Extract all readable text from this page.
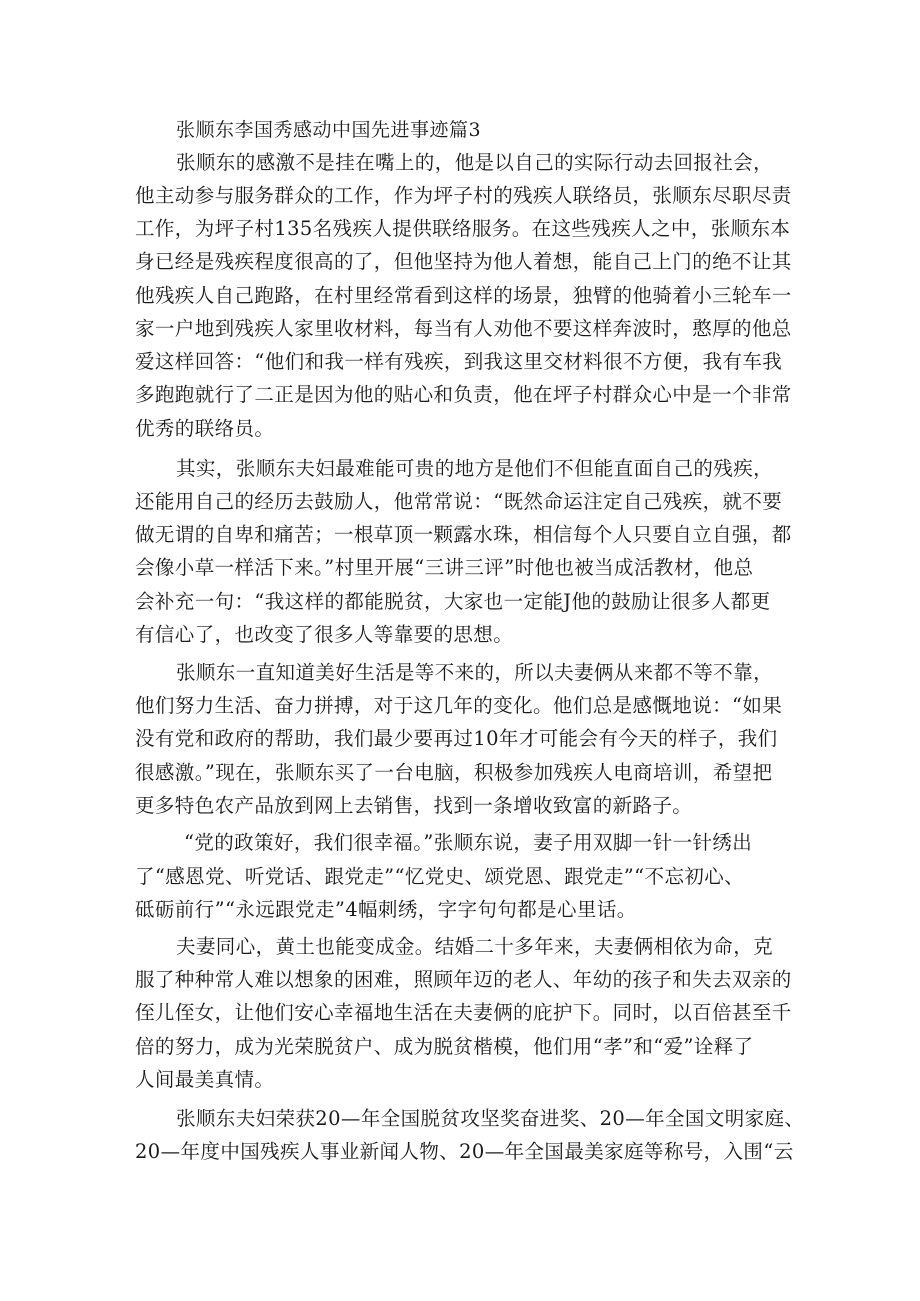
张顺东李国秀感动中国先进事迹篇3
张顺东的感激不是挂在嘴上的，他是以自己的实际行动去回报社会，
他主动参与服务群众的工作，作为坪子村的残疾人联络员，张顺东尽职尽责
工作，为坪子村135名残疾人提供联络服务。在这些残疾人之中，张顺东本
身已经是残疾程度很高的了，但他坚持为他人着想，能自己上门的绝不让其
他残疾人自己跑路，在村里经常看到这样的场景，独臂的他骑着小三轮车一
家一户地到残疾人家里收材料，每当有人劝他不要这样奔波时，憨厚的他总
爱这样回答：“他们和我一样有残疾，到我这里交材料很不方便，我有车我
多跑跑就行了二正是因为他的贴心和负责，他在坪子村群众心中是一个非常
优秀的联络员。
其实，张顺东夫妇最难能可贵的地方是他们不但能直面自己的残疾，
还能用自己的经历去鼓励人，他常常说：“既然命运注定自己残疾，就不要
做无谓的自卑和痛苦；一根草顶一颗露水珠，相信每个人只要自立自强，都
会像小草一样活下来。”村里开展“三讲三评”时他也被当成活教材，他总
会补充一句：“我这样的都能脱贫，大家也一定能J他的鼓励让很多人都更
有信心了，也改变了很多人等靠要的思想。
张顺东一直知道美好生活是等不来的，所以夫妻俩从来都不等不靠，
他们努力生活、奋力拼搏，对于这几年的变化。他们总是感慨地说：“如果
没有党和政府的帮助，我们最少要再过10年才可能会有今天的样子，我们
很感激。”现在，张顺东买了一台电脑，积极参加残疾人电商培训，希望把
更多特色农产品放到网上去销售，找到一条增收致富的新路子。
“党的政策好，我们很幸福。”张顺东说，妻子用双脚一针一针绣出
了“感恩党、听党话、跟党走”“忆党史、颂党恩、跟党走”“不忘初心、
砥砺前行”“永远跟党走”4幅刺绣，字字句句都是心里话。
夫妻同心，黄土也能变成金。结婚二十多年来，夫妻俩相依为命，克
服了种种常人难以想象的困难，照顾年迈的老人、年幼的孩子和失去双亲的
侄儿侄女，让他们安心幸福地生活在夫妻俩的庇护下。同时，以百倍甚至千
倍的努力，成为光荣脱贫户、成为脱贫楷模，他们用“孝”和“爱”诠释了
人间最美真情。
张顺东夫妇荣获20—年全国脱贫攻坚奖奋进奖、20—年全国文明家庭、
20—年度中国残疾人事业新闻人物、20—年全国最美家庭等称号，入围“云
